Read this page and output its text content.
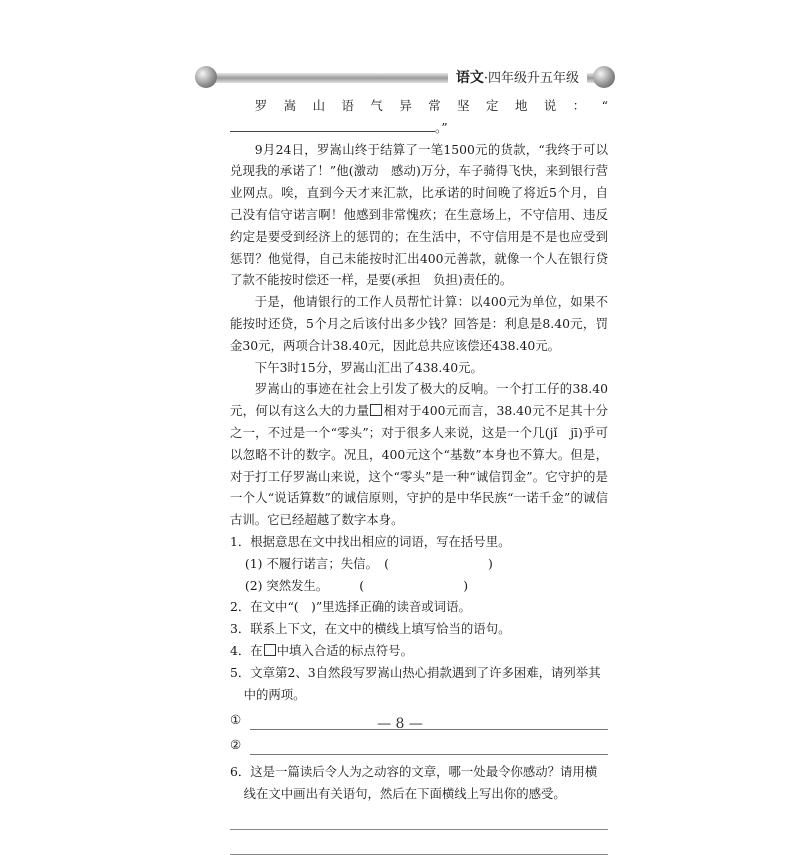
语文·四年级升五年级

罗嵩山语气异常坚定地说：“。”

9月24日，罗嵩山终于结算了一笔1500元的货款，“我终于可以兑现我的承诺了！”他(激动　感动)万分，车子骑得飞快，来到银行营业网点。唉，直到今天才来汇款，比承诺的时间晚了将近5个月，自己没有信守诺言啊！他感到非常愧疚；在生意场上，不守信用、违反约定是要受到经济上的惩罚的；在生活中，不守信用是不是也应受到惩罚？他觉得，自己未能按时汇出400元善款，就像一个人在银行贷了款不能按时偿还一样，是要(承担　负担)责任的。

于是，他请银行的工作人员帮忙计算：以400元为单位，如果不能按时还贷，5个月之后该付出多少钱？回答是：利息是8.40元，罚金30元，两项合计38.40元，因此总共应该偿还438.40元。

下午3时15分，罗嵩山汇出了438.40元。

罗嵩山的事迹在社会上引发了极大的反响。一个打工仔的38.40元，何以有这么大的力量 相对于400元而言，38.40元不足其十分之一，不过是一个“零头”；对于很多人来说，这是一个几(jǐ　jī)乎可以忽略不计的数字。况且，400元这个“基数”本身也不算大。但是，对于打工仔罗嵩山来说，这个“零头”是一种“诚信罚金”。它守护的是一个人“说话算数”的诚信原则，守护的是中华民族“一诺千金”的诚信古训。它已经超越了数字本身。

1．根据意思在文中找出相应的词语，写在括号里。

(1) 不履行诺言；失信。　 (　　　　　　　　)

(2) 突然发生。　　　	(　　　　　　　　)

2．在文中“(　)”里选择正确的读音或词语。

3．联系上下文，在文中的横线上填写恰当的语句。

4．在 中填入合适的标点符号。

5．文章第2、3自然段写罗嵩山热心捐款遇到了许多困难，请列举其中的两项。

①
②

6．这是一篇读后令人为之动容的文章，哪一处最令你感动？请用横线在文中画出有关语句，然后在下面横线上写出你的感受。

— 8 —
